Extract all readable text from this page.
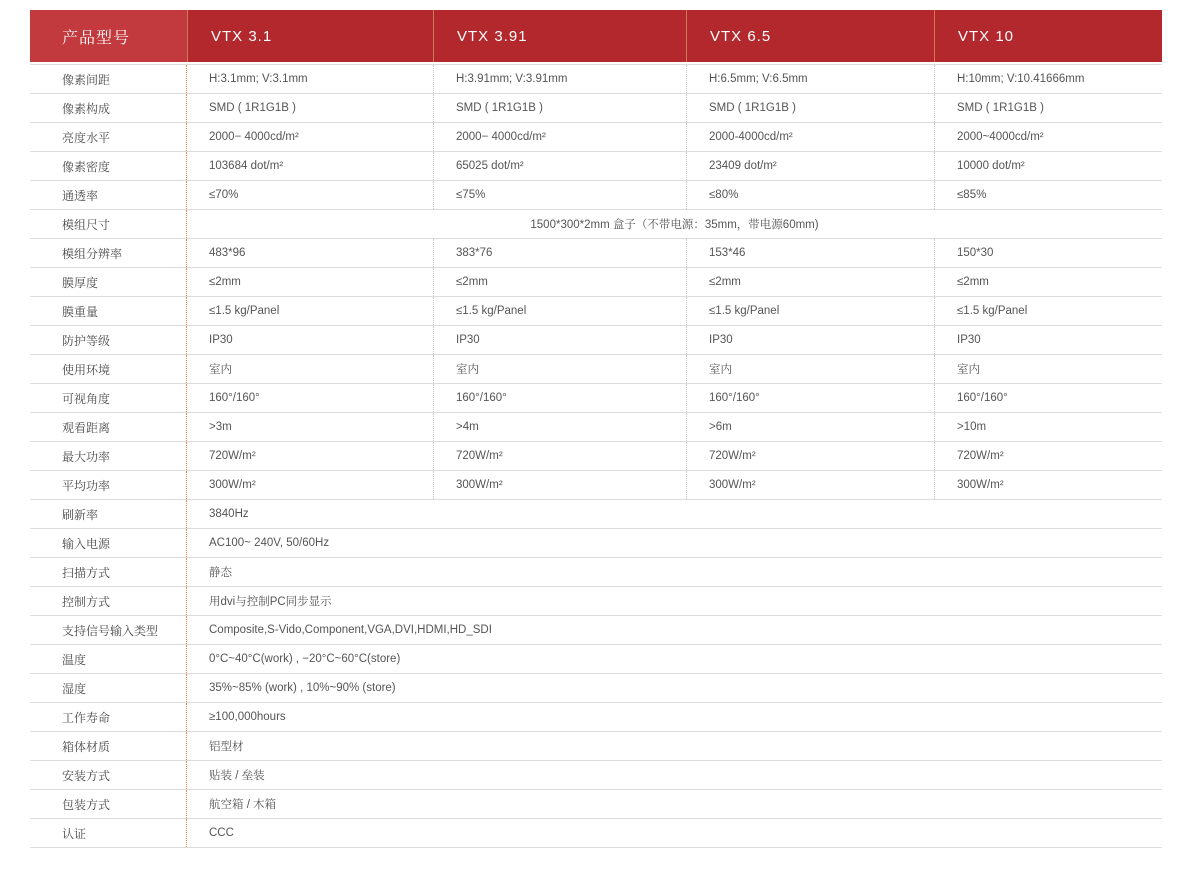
产品型号	VTX 3.1	VTX 3.91	VTX 6.5	VTX 10
像素间距	H:3.1mm; V:3.1mm	H:3.91mm; V:3.91mm	H:6.5mm; V:6.5mm	H:10mm; V:10.41666mm
像素构成	SMD ( 1R1G1B )	SMD ( 1R1G1B )	SMD ( 1R1G1B )	SMD ( 1R1G1B )
亮度水平	2000− 4000cd/m²	2000− 4000cd/m²	2000-4000cd/m²	2000~4000cd/m²
像素密度	103684 dot/m²	65025 dot/m²	23409 dot/m²	10000 dot/m²
通透率	≤70%	≤75%	≤80%	≤85%
模组尺寸	1500*300*2mm 盒子（不带电源：35mm，带电源60mm)
模组分辨率	483*96	383*76	153*46	150*30
膜厚度	≤2mm	≤2mm	≤2mm	≤2mm
膜重量	≤1.5 kg/Panel	≤1.5 kg/Panel	≤1.5 kg/Panel	≤1.5 kg/Panel
防护等级	IP30	IP30	IP30	IP30
使用环境	室内	室内	室内	室内
可视角度	160°/160°	160°/160°	160°/160°	160°/160°
观看距离	>3m	>4m	>6m	>10m
最大功率	720W/m²	720W/m²	720W/m²	720W/m²
平均功率	300W/m²	300W/m²	300W/m²	300W/m²
刷新率	3840Hz
输入电源	AC100~ 240V, 50/60Hz
扫描方式	静态
控制方式	用dvi与控制PC同步显示
支持信号输入类型	Composite,S-Vido,Component,VGA,DVI,HDMI,HD_SDI
温度	0°C~40°C(work) , −20°C~60°C(store)
湿度	35%~85% (work) , 10%~90% (store)
工作寿命	≥100,000hours
箱体材质	铝型材
安装方式	贴装 / 垒装
包装方式	航空箱 / 木箱
认证	CCC
